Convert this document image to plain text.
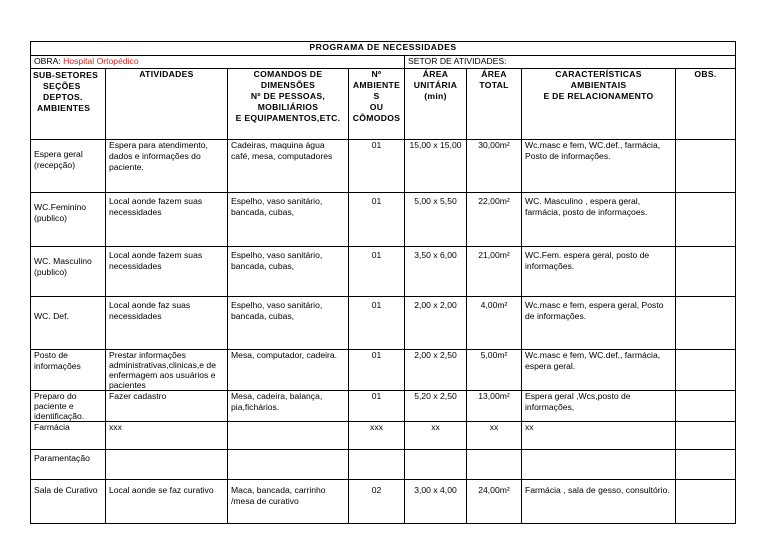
PROGRAMA DE NECESSIDADES							
OBRA: Hospital Ortopédico				SETOR DE ATIVIDADES:			

SUB-SETORES
SEÇÕES
DEPTOS.
AMBIENTES	ATIVIDADES	COMANDOS DE
DIMENSÕES
Nº DE PESSOAS,
MOBILIÁRIOS
E EQUIPAMENTOS,ETC.	Nº
AMBIENTE
S
OU
CÔMODOS	ÁREA
UNITÁRIA
(min)	ÁREA
TOTAL	CARACTERÍSTICAS
AMBIENTAIS
E DE RELACIONAMENTO	OBS.
Espera geral (recepção)	Espera para atendimento, dados e informações do paciente.	Cadeiras, maquina água café, mesa, computadores	01	15,00 x 15,00	30,00m²	Wc.masc e fem, WC.def., farmácia, Posto de informações.	
WC.Feminino (publico)	Local aonde fazem suas necessidades	Espelho, vaso sanitário, bancada, cubas,	01	5,00 x 5,50	22,00m²	WC. Masculino , espera geral, farmácia, posto de informaçoes.	
WC. Masculino (publico)	Local aonde fazem suas necessidades	Espelho, vaso sanitário, bancada, cubas,	01	3,50 x 6,00	21,00m²	WC.Fem. espera geral, posto de informações.	
WC. Def.	Local aonde faz suas necessidades	Espelho, vaso sanitário, bancada, cubas,	01	2,00 x 2,00	4,00m²	Wc.masc e fem, espera geral, Posto de informações.	
Posto de informações	Prestar informações administrativas,clinicas,e de enfermagem aos usuários e pacientes	Mesa, computador, cadeira.	01	2,00 x 2,50	5,00m²	Wc.masc e fem, WC.def., farmácia, espera geral.	
Preparo do paciente e identificação.	Fazer cadastro	Mesa, cadeira, balança, pia,fichários.	01	5,20 x 2,50	13,00m²	Espera geral ,Wcs,posto de informações,	
Farmácia	xxx		xxx	xx	xx	xx	
Paramentação							
Sala de Curativo	Local aonde se faz curativo	Maca, bancada, carrinho /mesa de curativo	02	3,00 x 4,00	24,00m²	Farmácia , sala de gesso, consultório.	
